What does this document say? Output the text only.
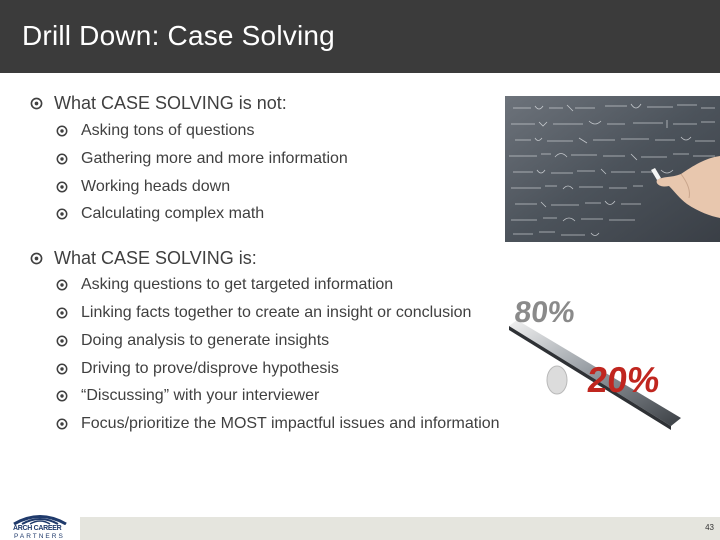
Drill Down: Case Solving
What CASE SOLVING is not:
Asking tons of questions
Gathering more and more information
Working heads down
Calculating complex math
What CASE SOLVING is:
Asking questions to get targeted information
Linking facts together to create an insight or conclusion
Doing analysis to generate insights
Driving to prove/disprove hypothesis
“Discussing” with your interviewer
Focus/prioritize the MOST impactful issues and information
80%
20%
43
ARCH CAREER
PARTNERS
